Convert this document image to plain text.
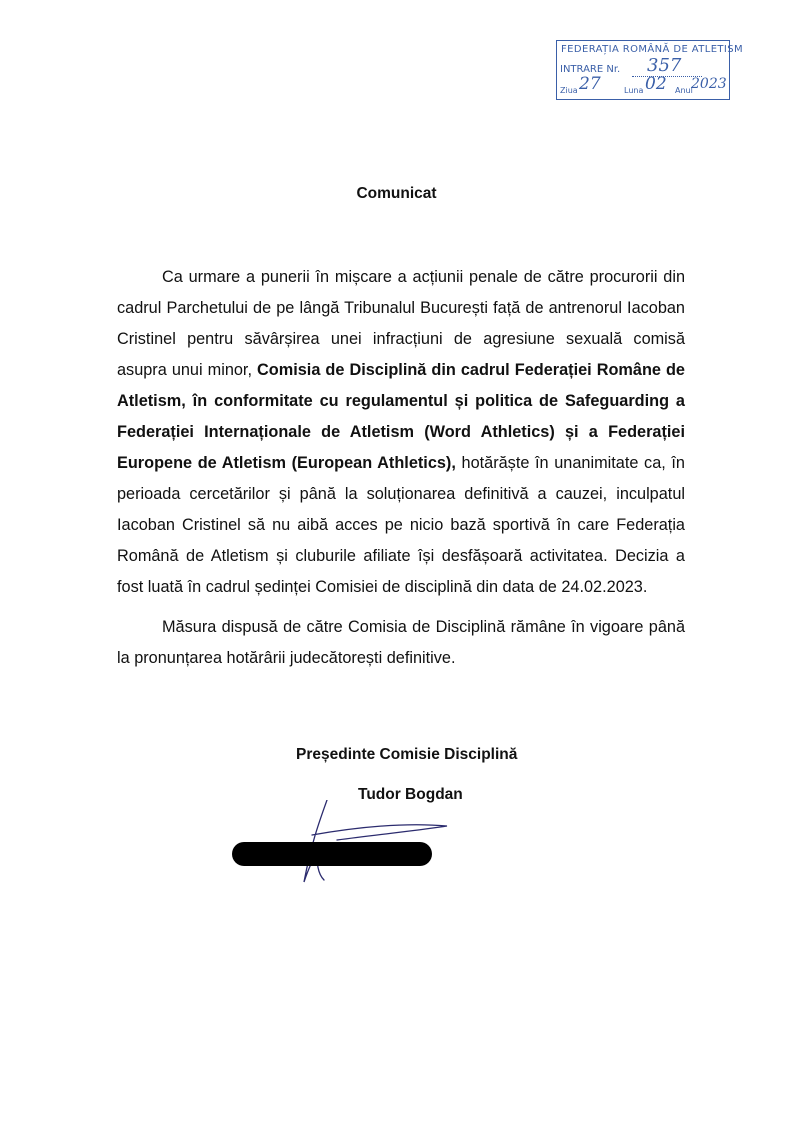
FEDERAȚIA ROMÂNĂ DE ATLETISM
INTRARE Nr. 357
Ziua 27	Luna 02 Anul
2023
Comunicat

Ca urmare a punerii în mișcare a acțiunii penale de către procurorii din cadrul Parchetului de pe lângă Tribunalul București față de antrenorul Iacoban Cristinel pentru săvârșirea unei infracțiuni de agresiune sexuală comisă asupra unui minor, Comisia de Disciplină din cadrul Federației Române de Atletism, în conformitate cu regulamentul și politica de Safeguarding a Federației Internaționale de Atletism (Word Athletics) și a Federației Europene de Atletism (European Athletics), hotărăște în unanimitate ca, în perioada cercetărilor și până la soluționarea definitivă a cauzei, inculpatul Iacoban Cristinel să nu aibă acces pe nicio bază sportivă în care Federația Română de Atletism și cluburile afiliate își desfășoară activitatea. Decizia a fost luată în cadrul ședinței Comisiei de disciplină din data de 24.02.2023.

Măsura dispusă de către Comisia de Disciplină rămâne în vigoare până la pronunțarea hotărârii judecătorești definitive.

Președinte Comisie Disciplină
Tudor Bogdan
